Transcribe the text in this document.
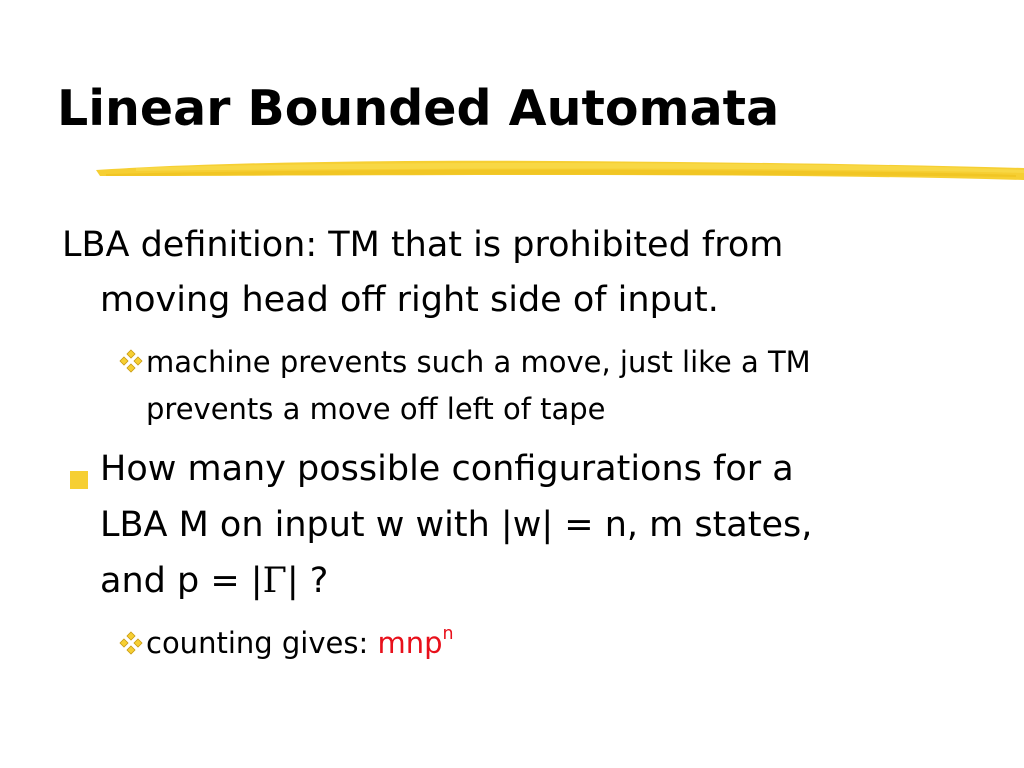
Linear Bounded Automata

LBA definition: TM that is prohibited from

moving head off right side of input.

machine prevents such a move, just like a TM

prevents a move off left of tape

How many possible configurations for a

LBA M on input w with |w| = n, m states,

and p = |Γ| ?

counting gives: mnp$^n$
